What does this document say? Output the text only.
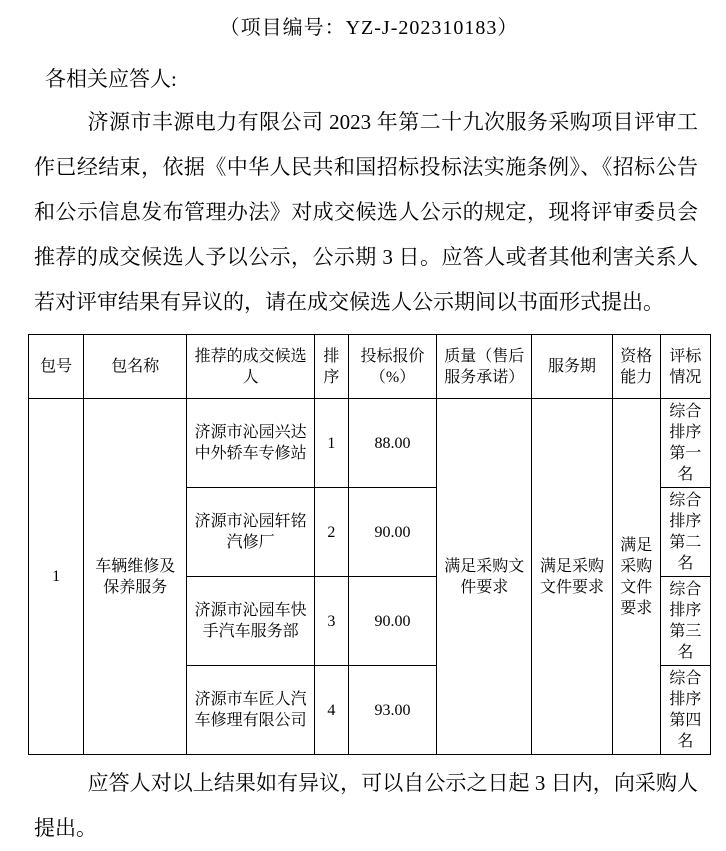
（项目编号：YZ-J-202310183）

各相关应答人:

济源市丰源电力有限公司 2023 年第二十九次服务采购项目评审工作已经结束，依据《中华人民共和国招标投标法实施条例》、《招标公告和公示信息发布管理办法》对成交候选人公示的规定，现将评审委员会推荐的成交候选人予以公示，公示期 3 日。应答人或者其他利害关系人若对评审结果有异议的，请在成交候选人公示期间以书面形式提出。

包号	包名称	推荐的成交候选人	排序	投标报价（%）	质量（售后服务承诺）	服务期	资格能力	评标情况
1	车辆维修及保养服务	济源市沁园兴达中外轿车专修站	1	88.00	满足采购文件要求	满足采购文件要求	满足采购文件要求	综合排序第一名
		济源市沁园轩铭汽修厂	2	90.00				综合排序第二名
		济源市沁园车快手汽车服务部	3	90.00				综合排序第三名
		济源市车匠人汽车修理有限公司	4	93.00				综合排序第四名

应答人对以上结果如有异议，可以自公示之日起 3 日内，向采购人提出。
